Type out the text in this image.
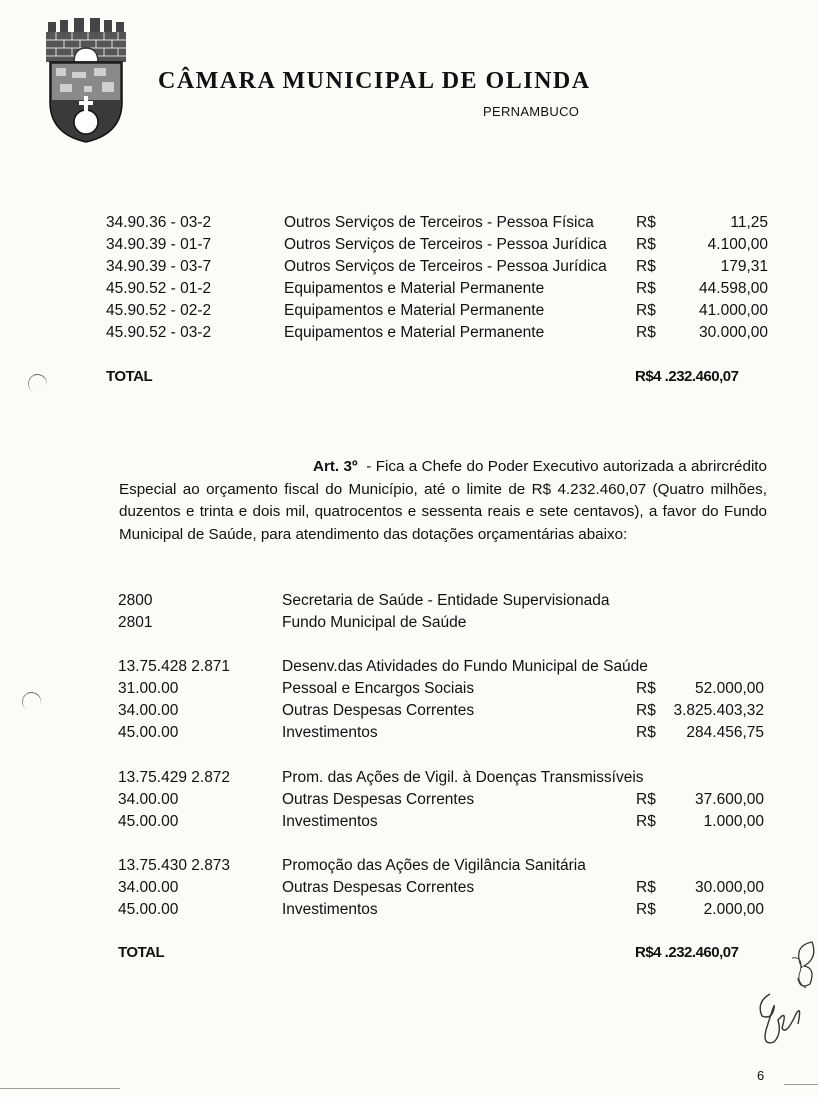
CÂMARA MUNICIPAL DE OLINDA
PERNAMBUCO
34.90.36 - 03-2	Outros Serviços de Terceiros - Pessoa Física	R$	11,25
34.90.39 - 01-7	Outros Serviços de Terceiros - Pessoa Jurídica R$	4.100,00
34.90.39 - 03-7	Outros Serviços de Terceiros - Pessoa Jurídica R$	179,31
45.90.52 - 01-2	Equipamentos e Material Permanente	R$	44.598,00
45.90.52 - 02-2	Equipamentos e Material Permanente	R$	41.000,00
45.90.52 - 03-2	Equipamentos e Material Permanente	R$	30.000,00
TOTAL	R$4 .232.460,07

Art. 3º - Fica a Chefe do Poder Executivo autorizada a abrircrédito Especial ao orçamento fiscal do Município, até o limite de R$ 4.232.460,07 (Quatro milhões, duzentos e trinta e dois mil, quatrocentos e sessenta reais e sete centavos), a favor do Fundo Municipal de Saúde, para atendimento das dotações orçamentárias abaixo:

2800	Secretaria de Saúde - Entidade Supervisionada
2801	Fundo Municipal de Saúde
13.75.428 2.871	Desenv.das Atividades do Fundo Municipal de Saúde
31.00.00	Pessoal e Encargos Sociais	R$	52.000,00
34.00.00	Outras Despesas Correntes	R$ 3.825.403,32
45.00.00	Investimentos	R$ 284.456,75
13.75.429 2.872	Prom. das Ações de Vigil. à Doenças Transmissíveis
34.00.00	Outras Despesas Correntes	R$	37.600,00
45.00.00	Investimentos	R$	1.000,00
13.75.430 2.873	Promoção das Ações de Vigilância Sanitária
34.00.00	Outras Despesas Correntes	R$	30.000,00
45.00.00	Investimentos	R$	2.000,00
TOTAL	R$4 .232.460,07
6
